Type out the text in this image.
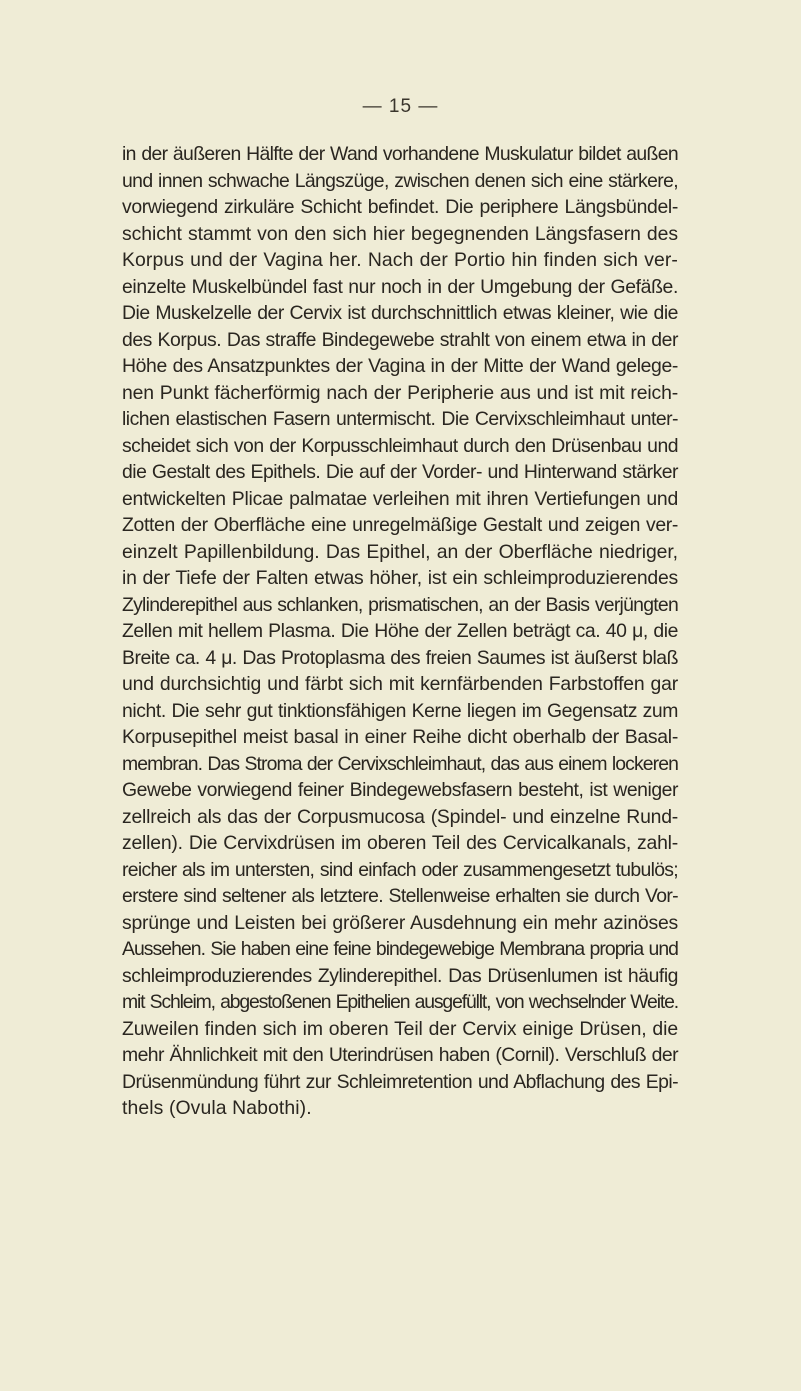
— 15 —
in der äußeren Hälfte der Wand vorhandene Muskulatur bildet außen
und innen schwache Längszüge, zwischen denen sich eine stärkere,
vorwiegend zirkuläre Schicht befindet. Die periphere Längsbündel-
schicht stammt von den sich hier begegnenden Längsfasern des
Korpus und der Vagina her. Nach der Portio hin finden sich ver-
einzelte Muskelbündel fast nur noch in der Umgebung der Gefäße.
Die Muskelzelle der Cervix ist durchschnittlich etwas kleiner, wie die
des Korpus. Das straffe Bindegewebe strahlt von einem etwa in der
Höhe des Ansatzpunktes der Vagina in der Mitte der Wand gelege-
nen Punkt fächerförmig nach der Peripherie aus und ist mit reich-
lichen elastischen Fasern untermischt. Die Cervixschleimhaut unter-
scheidet sich von der Korpusschleimhaut durch den Drüsenbau und
die Gestalt des Epithels. Die auf der Vorder- und Hinterwand stärker
entwickelten Plicae palmatae verleihen mit ihren Vertiefungen und
Zotten der Oberfläche eine unregelmäßige Gestalt und zeigen ver-
einzelt Papillenbildung. Das Epithel, an der Oberfläche niedriger,
in der Tiefe der Falten etwas höher, ist ein schleimproduzierendes
Zylinderepithel aus schlanken, prismatischen, an der Basis verjüngten
Zellen mit hellem Plasma. Die Höhe der Zellen beträgt ca. 40 μ, die
Breite ca. 4 μ. Das Protoplasma des freien Saumes ist äußerst blaß
und durchsichtig und färbt sich mit kernfärbenden Farbstoffen gar
nicht. Die sehr gut tinktionsfähigen Kerne liegen im Gegensatz zum
Korpusepithel meist basal in einer Reihe dicht oberhalb der Basal-
membran. Das Stroma der Cervixschleimhaut, das aus einem lockeren
Gewebe vorwiegend feiner Bindegewebsfasern besteht, ist weniger
zellreich als das der Corpusmucosa (Spindel- und einzelne Rund-
zellen). Die Cervixdrüsen im oberen Teil des Cervicalkanals, zahl-
reicher als im untersten, sind einfach oder zusammengesetzt tubulös;
erstere sind seltener als letztere. Stellenweise erhalten sie durch Vor-
sprünge und Leisten bei größerer Ausdehnung ein mehr azinöses
Aussehen. Sie haben eine feine bindegewebige Membrana propria und
schleimproduzierendes Zylinderepithel. Das Drüsenlumen ist häufig
mit Schleim, abgestoßenen Epithelien ausgefüllt, von wechselnder Weite.
Zuweilen finden sich im oberen Teil der Cervix einige Drüsen, die
mehr Ähnlichkeit mit den Uterindrüsen haben (Cornil). Verschluß der
Drüsenmündung führt zur Schleimretention und Abflachung des Epi-
thels (Ovula Nabothi).
